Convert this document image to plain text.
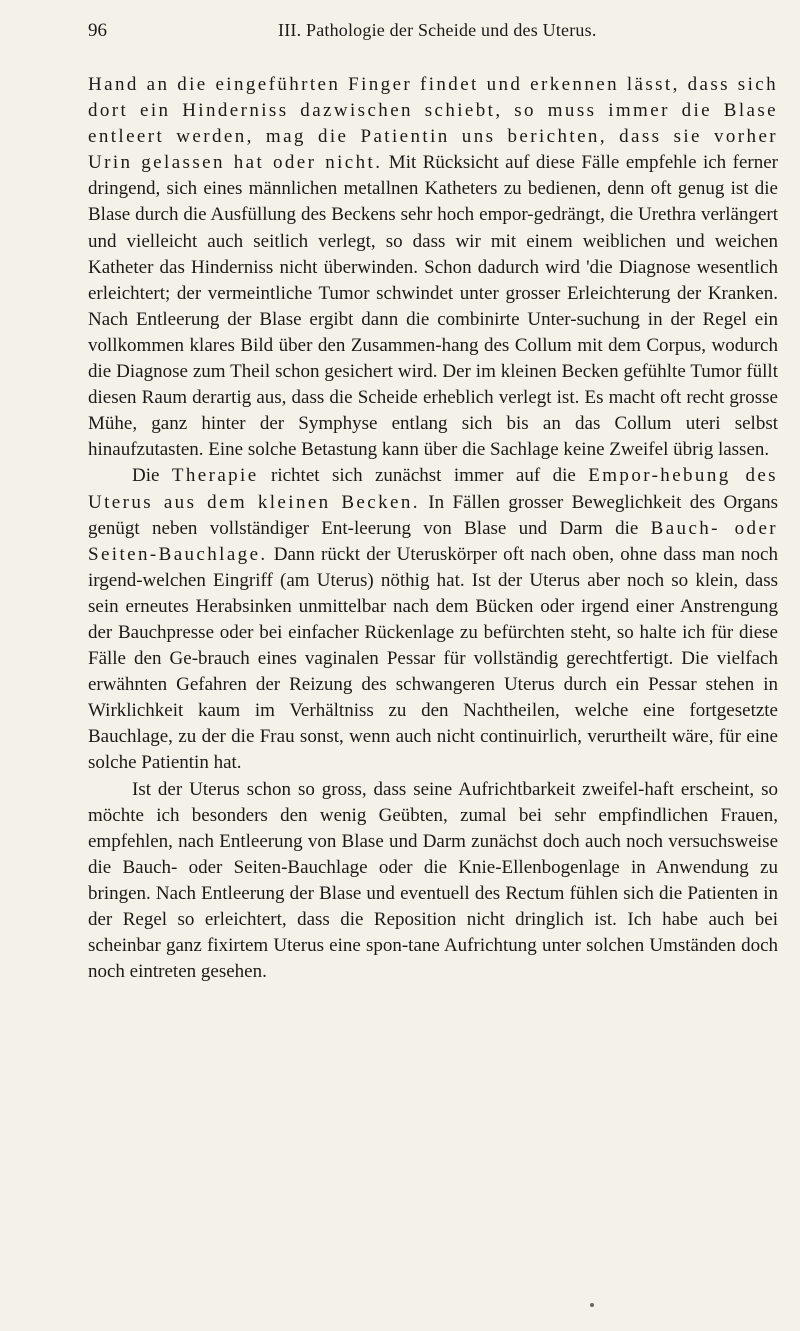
96	III. Pathologie der Scheide und des Uterus.

Hand an die eingeführten Finger findet und erkennen lässt, dass sich dort ein Hinderniss dazwischen schiebt, so muss immer die Blase entleert werden, mag die Patientin uns berichten, dass sie vorher Urin gelassen hat oder nicht. Mit Rücksicht auf diese Fälle empfehle ich ferner dringend, sich eines männlichen metallnen Katheters zu bedienen, denn oft genug ist die Blase durch die Ausfüllung des Beckens sehr hoch empor-gedrängt, die Urethra verlängert und vielleicht auch seitlich verlegt, so dass wir mit einem weiblichen und weichen Katheter das Hinderniss nicht überwinden. Schon dadurch wird 'die Diagnose wesentlich erleichtert; der vermeintliche Tumor schwindet unter grosser Erleichterung der Kranken. Nach Entleerung der Blase ergibt dann die combinirte Unter-suchung in der Regel ein vollkommen klares Bild über den Zusammen-hang des Collum mit dem Corpus, wodurch die Diagnose zum Theil schon gesichert wird. Der im kleinen Becken gefühlte Tumor füllt diesen Raum derartig aus, dass die Scheide erheblich verlegt ist. Es macht oft recht grosse Mühe, ganz hinter der Symphyse entlang sich bis an das Collum uteri selbst hinaufzutasten. Eine solche Betastung kann über die Sachlage keine Zweifel übrig lassen.

Die Therapie richtet sich zunächst immer auf die Empor-hebung des Uterus aus dem kleinen Becken. In Fällen grosser Beweglichkeit des Organs genügt neben vollständiger Ent-leerung von Blase und Darm die Bauch- oder Seiten-Bauchlage. Dann rückt der Uteruskörper oft nach oben, ohne dass man noch irgend-welchen Eingriff (am Uterus) nöthig hat. Ist der Uterus aber noch so klein, dass sein erneutes Herabsinken unmittelbar nach dem Bücken oder irgend einer Anstrengung der Bauchpresse oder bei einfacher Rückenlage zu befürchten steht, so halte ich für diese Fälle den Ge-brauch eines vaginalen Pessar für vollständig gerechtfertigt. Die vielfach erwähnten Gefahren der Reizung des schwangeren Uterus durch ein Pessar stehen in Wirklichkeit kaum im Verhältniss zu den Nachtheilen, welche eine fortgesetzte Bauchlage, zu der die Frau sonst, wenn auch nicht continuirlich, verurtheilt wäre, für eine solche Patientin hat.

Ist der Uterus schon so gross, dass seine Aufrichtbarkeit zweifel-haft erscheint, so möchte ich besonders den wenig Geübten, zumal bei sehr empfindlichen Frauen, empfehlen, nach Entleerung von Blase und Darm zunächst doch auch noch versuchsweise die Bauch- oder Seiten-Bauchlage oder die Knie-Ellenbogenlage in Anwendung zu bringen. Nach Entleerung der Blase und eventuell des Rectum fühlen sich die Patienten in der Regel so erleichtert, dass die Reposition nicht dringlich ist. Ich habe auch bei scheinbar ganz fixirtem Uterus eine spon-tane Aufrichtung unter solchen Umständen doch noch eintreten gesehen.
